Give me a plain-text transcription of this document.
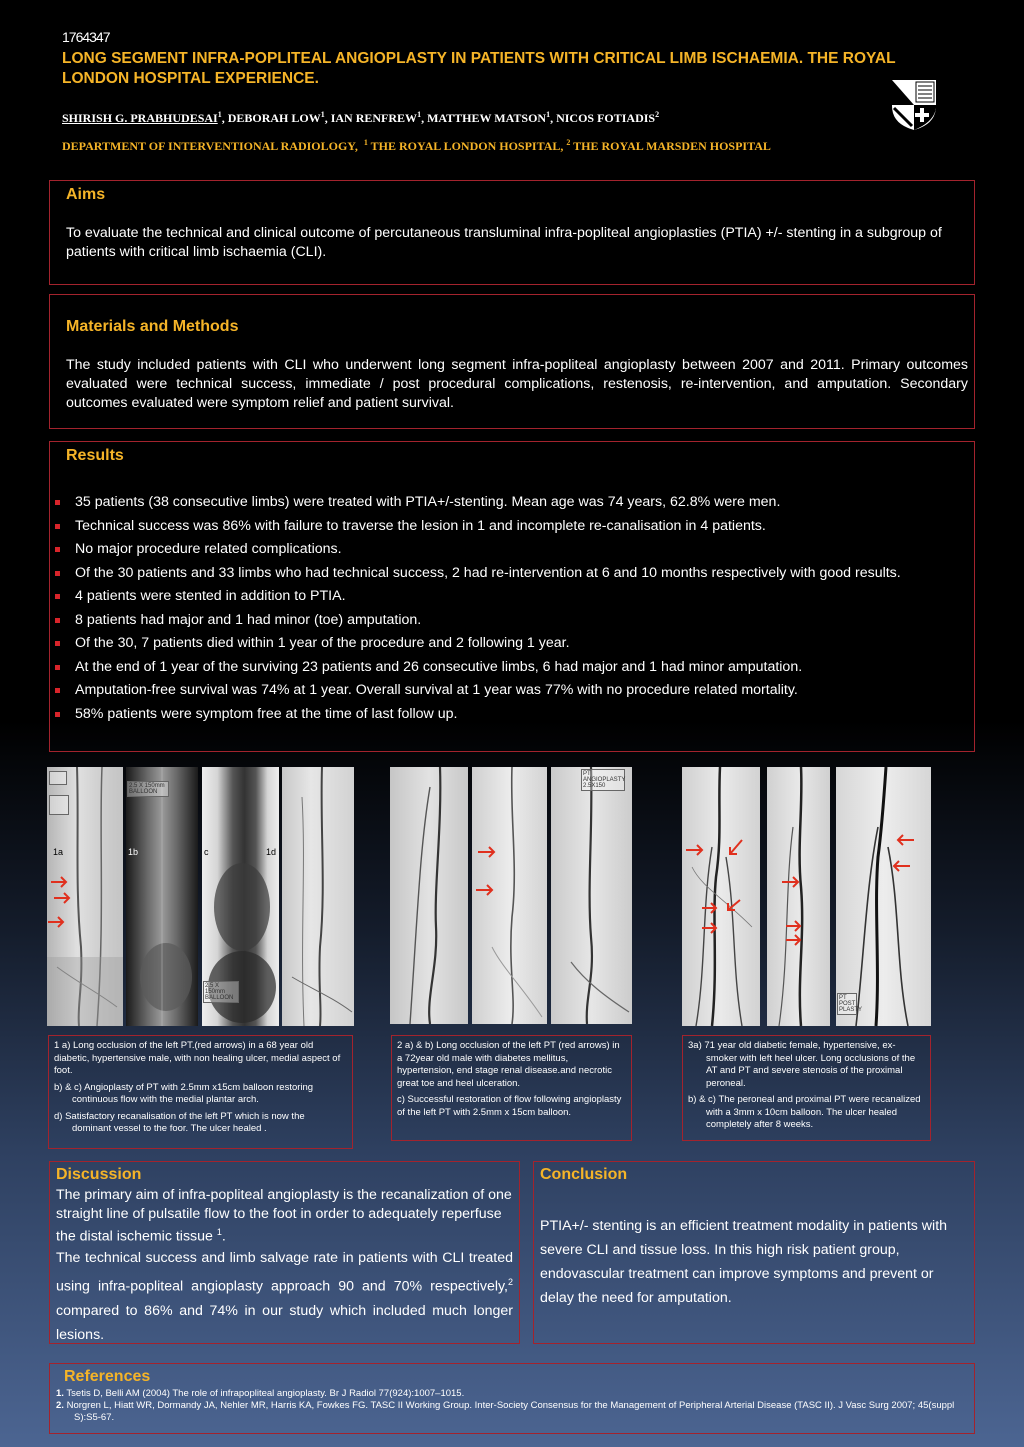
1764347
LONG SEGMENT INFRA-POPLITEAL ANGIOPLASTY IN PATIENTS WITH CRITICAL LIMB ISCHAEMIA. THE ROYAL LONDON HOSPITAL EXPERIENCE.
SHIRISH G. PRABHUDESAI$^1$, DEBORAH LOW$^1$, IAN RENFREW$^1$, MATTHEW MATSON$^1$, NICOS FOTIADIS$^2$
DEPARTMENT OF INTERVENTIONAL RADIOLOGY, $^1$ THE ROYAL LONDON HOSPITAL, $^2$ THE ROYAL MARSDEN HOSPITAL
Aims
To evaluate the technical and clinical outcome of percutaneous transluminal infra-popliteal angioplasties (PTIA) +/- stenting in a subgroup of patients with critical limb ischaemia (CLI).
Materials and Methods
The study included patients with CLI who underwent long segment infra-popliteal angioplasty between 2007 and 2011. Primary outcomes evaluated were technical success, immediate / post procedural complications, restenosis, re-intervention, and amputation. Secondary outcomes evaluated were symptom relief and patient survival.
Results
35 patients (38 consecutive limbs) were treated with PTIA+/-stenting. Mean age was 74 years, 62.8% were men.
Technical success was 86% with failure to traverse the lesion in 1 and incomplete re-canalisation in 4 patients.
No major procedure related complications.
Of the 30 patients and 33 limbs who had technical success, 2 had re-intervention at 6 and 10 months respectively with good results.
4 patients were stented in addition to PTIA.
8 patients had major and 1 had minor (toe) amputation.
Of the 30, 7 patients died within 1 year of the procedure and 2 following 1 year.
At the end of 1 year of the surviving 23 patients and 26 consecutive limbs, 6 had major and 1 had minor amputation.
Amputation-free survival was 74% at 1 year. Overall survival at 1 year was 77% with no procedure related mortality.
58% patients were symptom free at the time of last follow up.
1a
2.5 X 150mm BALLOON
1b
2.5 X 150mm BALLOON
c	1d
PT ANGIOPLASTY 2.5X150
PT POST PLASTY

1 a) Long occlusion of the left PT.(red arrows) in a 68 year old diabetic, hypertensive male, with non healing ulcer, medial aspect of foot.

b) & c) Angioplasty of PT with 2.5mm x15cm balloon restoring continuous flow with the medial plantar arch.

d) Satisfactory recanalisation of the left PT which is now the dominant vessel to the foor. The ulcer healed .

2 a) & b) Long occlusion of the left PT (red arrows) in a 72year old male with diabetes mellitus, hypertension, end stage renal disease.and necrotic great toe and heel ulceration.

c) Successful restoration of flow following angioplasty of the left PT with 2.5mm x 15cm balloon.

3a) 71 year old diabetic female, hypertensive, ex-smoker with left heel ulcer. Long occlusions of the AT and PT and severe stenosis of the proximal peroneal.

b) & c) The peroneal and proximal PT were recanalized with a 3mm x 10cm balloon. The ulcer healed completely after 8 weeks.

Discussion
The primary aim of infra-popliteal angioplasty is the recanalization of one straight line of pulsatile flow to the foot in order to adequately reperfuse the distal ischemic tissue $^1$.
The technical success and limb salvage rate in patients with CLI treated using infra-popliteal angioplasty approach 90 and 70% respectively,$^2$ compared to 86% and 74% in our study which included much longer lesions.
Conclusion
PTIA+/- stenting is an efficient treatment modality in patients with severe CLI and tissue loss. In this high risk patient group, endovascular treatment can improve symptoms and prevent or delay the need for amputation.
References

1. Tsetis D, Belli AM (2004) The role of infrapopliteal angioplasty. Br J Radiol 77(924):1007–1015.

2. Norgren L, Hiatt WR, Dormandy JA, Nehler MR, Harris KA, Fowkes FG. TASC II Working Group. Inter-Society Consensus for the Management of Peripheral Arterial Disease (TASC II). J Vasc Surg 2007; 45(suppl S):S5-67.
